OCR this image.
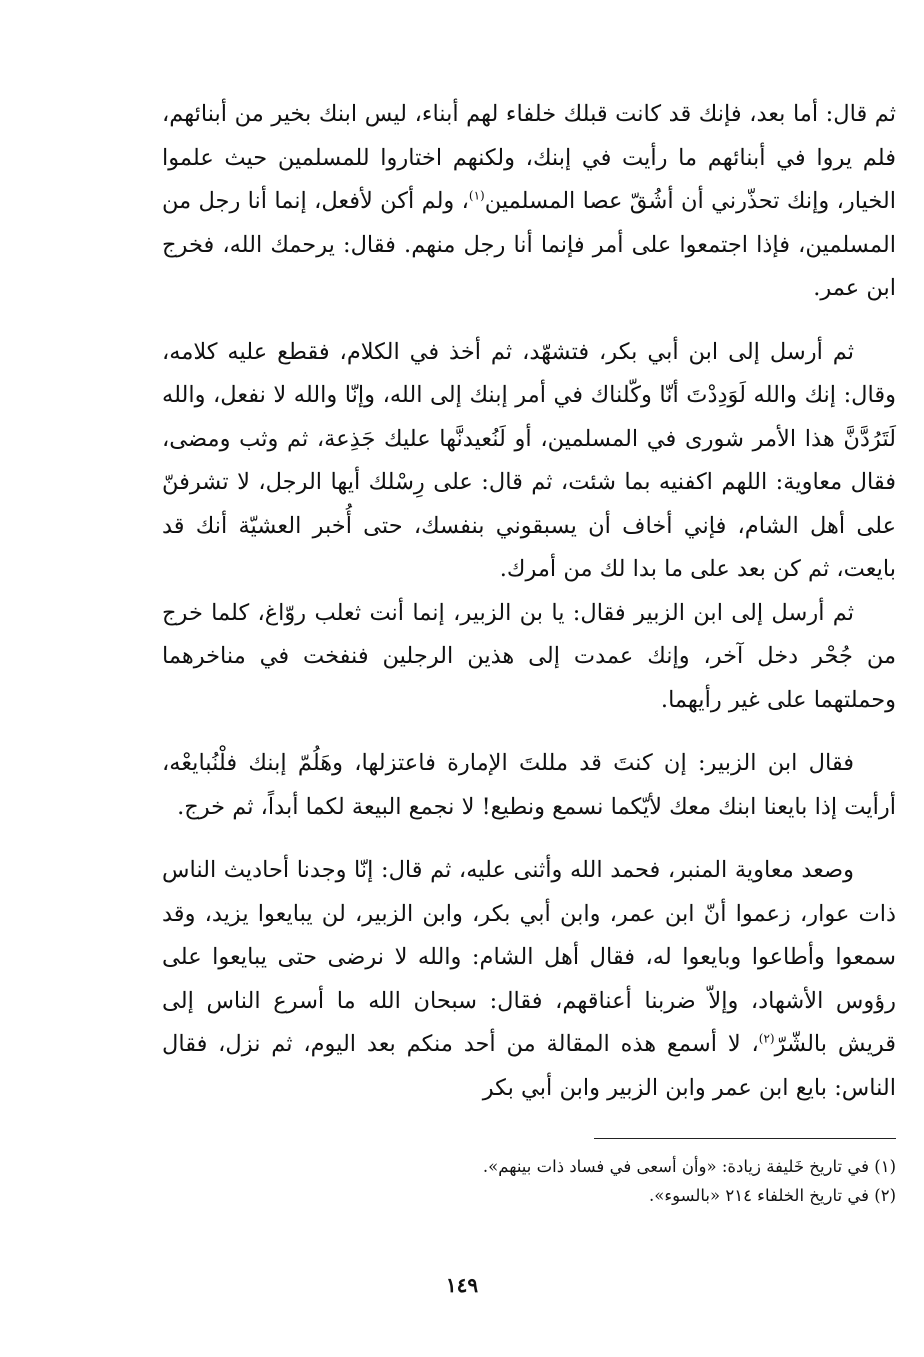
ثم قال: أما بعد، فإنك قد كانت قبلك خلفاء لهم أبناء، ليس ابنك بخير من أبنائهم، فلم يروا في أبنائهم ما رأيت في إبنك، ولكنهم اختاروا للمسلمين حيث علموا الخيار، وإنك تحذّرني أن أشُقّ عصا المسلمين$^{(١)}$، ولم أكن لأفعل، إنما أنا رجل من المسلمين، فإذا اجتمعوا على أمر فإنما أنا رجل منهم. فقال: يرحمك الله، فخرج ابن عمر.

ثم أرسل إلى ابن أبي بكر، فتشهّد، ثم أخذ في الكلام، فقطع عليه كلامه، وقال: إنك والله لَوَدِدْتَ أنّا وكّلناك في أمر إبنك إلى الله، وإنّا والله لا نفعل، والله لَتَرُدَّنَّ هذا الأمر شورى في المسلمين، أو لَنُعيدنَّها عليك جَذِعة، ثم وثب ومضى، فقال معاوية: اللهم اكفنيه بما شئت، ثم قال: على رِسْلك أيها الرجل، لا تشرفنّ على أهل الشام، فإني أخاف أن يسبقوني بنفسك، حتى أُخبر العشيّة أنك قد بايعت، ثم كن بعد على ما بدا لك من أمرك.

ثم أرسل إلى ابن الزبير فقال: يا بن الزبير، إنما أنت ثعلب روّاغ، كلما خرج من جُحْر دخل آخر، وإنك عمدت إلى هذين الرجلين فنفخت في مناخرهما وحملتهما على غير رأيهما.

فقال ابن الزبير: إن كنتَ قد مللتَ الإمارة فاعتزلها، وهَلُمّ إبنك فلْنُبايعْه، أرأيت إذا بايعنا ابنك معك لأيّكما نسمع ونطيع! لا نجمع البيعة لكما أبداً، ثم خرج.

وصعد معاوية المنبر، فحمد الله وأثنى عليه، ثم قال: إنّا وجدنا أحاديث الناس ذات عوار، زعموا أنّ ابن عمر، وابن أبي بكر، وابن الزبير، لن يبايعوا يزيد، وقد سمعوا وأطاعوا وبايعوا له، فقال أهل الشام: والله لا نرضى حتى يبايعوا على رؤوس الأشهاد، وإلاّ ضربنا أعناقهم، فقال: سبحان الله ما أسرع الناس إلى قريش بالشّرّ$^{(٢)}$، لا أسمع هذه المقالة من أحد منكم بعد اليوم، ثم نزل، فقال الناس: بايع ابن عمر وابن الزبير وابن أبي بكر

(١) في تاريخ خَليفة زيادة: «وأن أسعى في فساد ذات بينهم».

(٢) في تاريخ الخلفاء ٢١٤ «بالسوء».

١٤٩
